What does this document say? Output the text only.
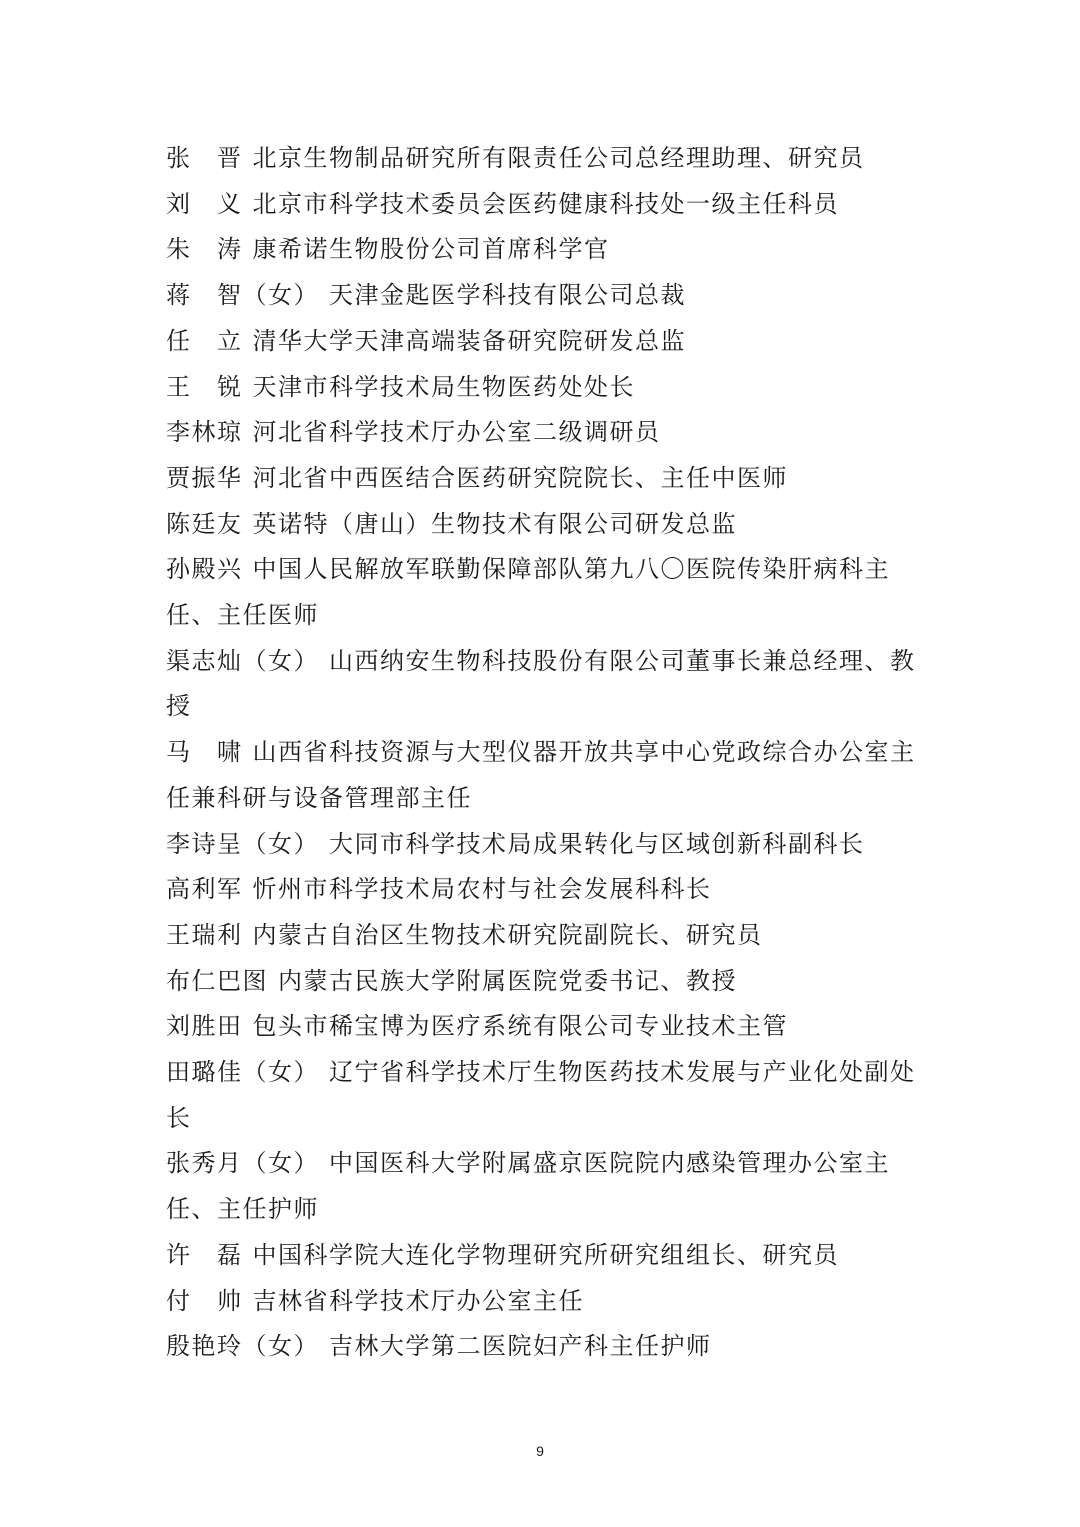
张　晋 北京生物制品研究所有限责任公司总经理助理、研究员
刘　义 北京市科学技术委员会医药健康科技处一级主任科员
朱　涛 康希诺生物股份公司首席科学官
蒋　智（女） 天津金匙医学科技有限公司总裁
任　立 清华大学天津高端装备研究院研发总监
王　锐 天津市科学技术局生物医药处处长
李林琼 河北省科学技术厅办公室二级调研员
贾振华 河北省中西医结合医药研究院院长、主任中医师
陈廷友 英诺特（唐山）生物技术有限公司研发总监
孙殿兴 中国人民解放军联勤保障部队第九八〇医院传染肝病科主任、主任医师
渠志灿（女） 山西纳安生物科技股份有限公司董事长兼总经理、教授
马　啸 山西省科技资源与大型仪器开放共享中心党政综合办公室主任兼科研与设备管理部主任
李诗呈（女） 大同市科学技术局成果转化与区域创新科副科长
高利军 忻州市科学技术局农村与社会发展科科长
王瑞利 内蒙古自治区生物技术研究院副院长、研究员
布仁巴图 内蒙古民族大学附属医院党委书记、教授
刘胜田 包头市稀宝博为医疗系统有限公司专业技术主管
田璐佳（女） 辽宁省科学技术厅生物医药技术发展与产业化处副处长
张秀月（女） 中国医科大学附属盛京医院院内感染管理办公室主任、主任护师
许　磊 中国科学院大连化学物理研究所研究组组长、研究员
付　帅 吉林省科学技术厅办公室主任
殷艳玲（女） 吉林大学第二医院妇产科主任护师
9
